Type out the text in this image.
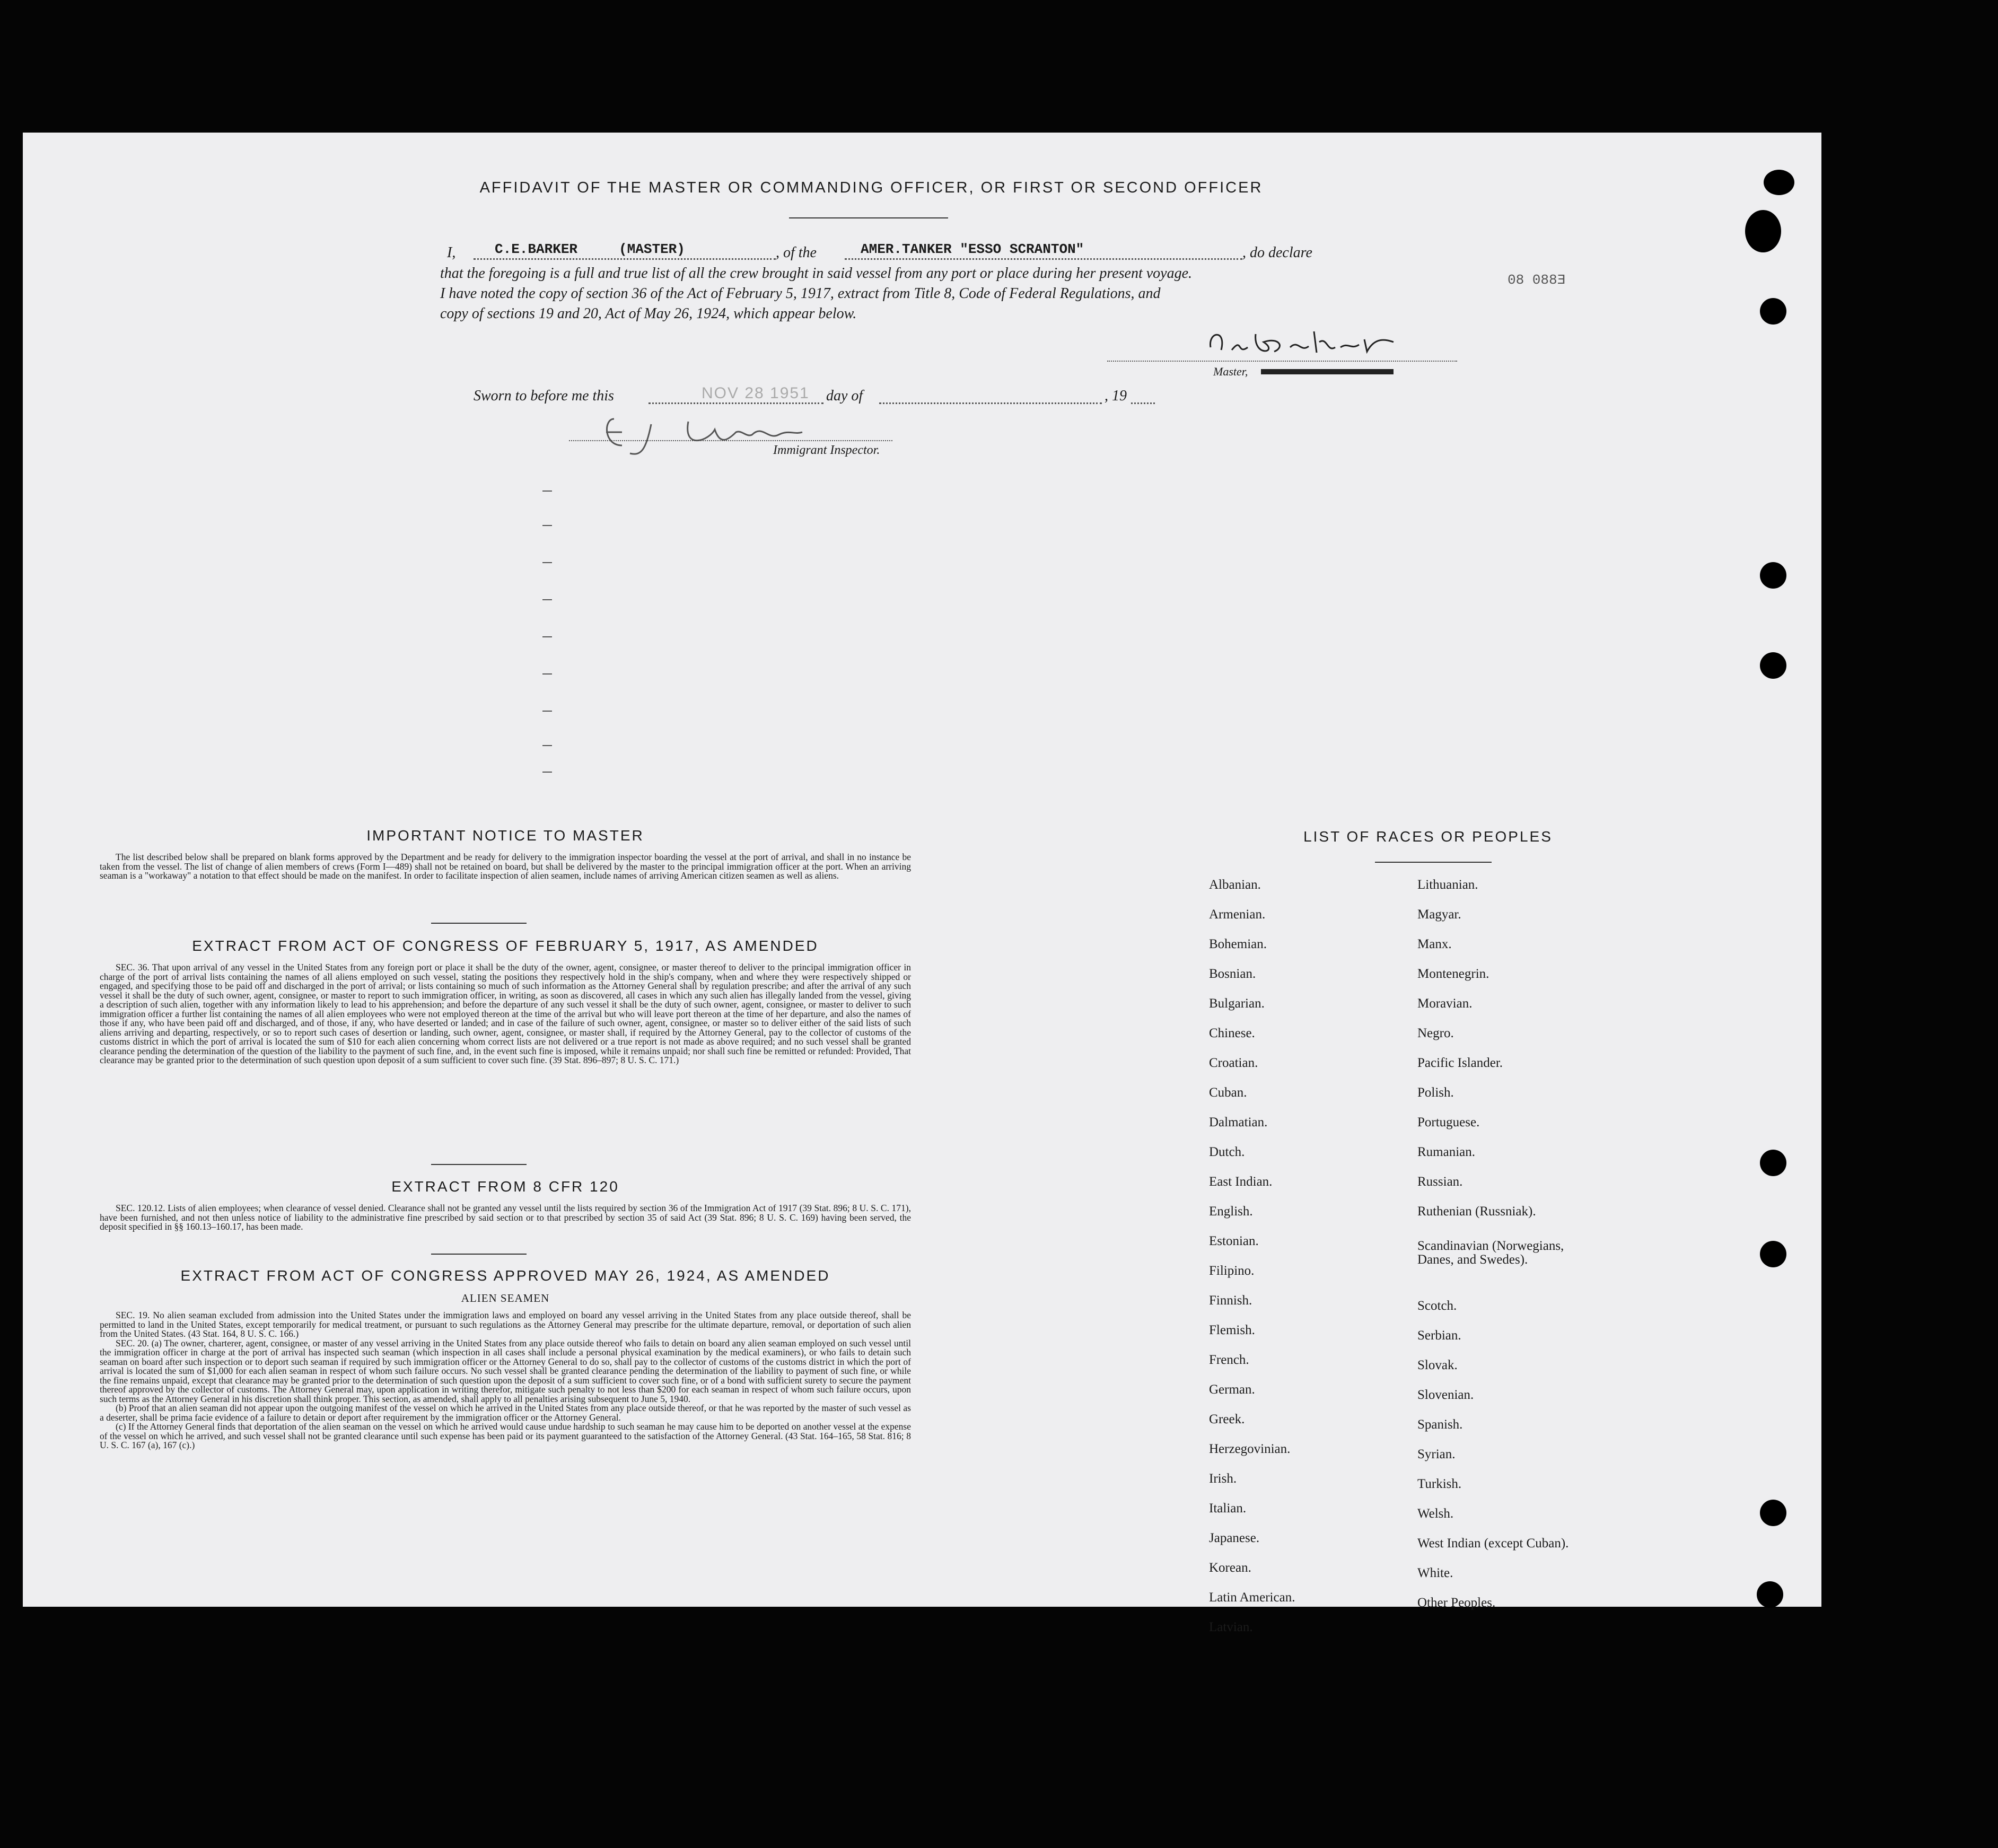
AFFIDAVIT OF THE MASTER OR COMMANDING OFFICER, OR FIRST OR SECOND OFFICER
I,	C.E.BARKER     (MASTER)	, of the	AMER.TANKER "ESSO SCRANTON"	, do declare
that the foregoing is a full and true list of all the crew brought in said vessel from any port or place during her present voyage.
I have noted the copy of section 36 of the Act of February 5, 1917, extract from Title 8, Code of Federal Regulations, and
copy of sections 19 and 20, Act of May 26, 1924, which appear below.
E880 80
Master,
Sworn to before me this	NOV 28 1951 day of	, 19
Immigrant Inspector.
IMPORTANT NOTICE TO MASTER

The list described below shall be prepared on blank forms approved by the Department and be ready for delivery to the immigration inspector boarding the vessel at the port of arrival, and shall in no instance be taken from the vessel. The list of change of alien members of crews (Form I—489) shall not be retained on board, but shall be delivered by the master to the principal immigration officer at the port. When an arriving seaman is a "workaway" a notation to that effect should be made on the manifest. In order to facilitate inspection of alien seamen, include names of arriving American citizen seamen as well as aliens.

EXTRACT FROM ACT OF CONGRESS OF FEBRUARY 5, 1917, AS AMENDED

SEC. 36. That upon arrival of any vessel in the United States from any foreign port or place it shall be the duty of the owner, agent, consignee, or master thereof to deliver to the principal immigration officer in charge of the port of arrival lists containing the names of all aliens employed on such vessel, stating the positions they respectively hold in the ship's company, when and where they were respectively shipped or engaged, and specifying those to be paid off and discharged in the port of arrival; or lists containing so much of such information as the Attorney General shall by regulation prescribe; and after the arrival of any such vessel it shall be the duty of such owner, agent, consignee, or master to report to such immigration officer, in writing, as soon as discovered, all cases in which any such alien has illegally landed from the vessel, giving a description of such alien, together with any information likely to lead to his apprehension; and before the departure of any such vessel it shall be the duty of such owner, agent, consignee, or master to deliver to such immigration officer a further list containing the names of all alien employees who were not employed thereon at the time of the arrival but who will leave port thereon at the time of her departure, and also the names of those if any, who have been paid off and discharged, and of those, if any, who have deserted or landed; and in case of the failure of such owner, agent, consignee, or master so to deliver either of the said lists of such aliens arriving and departing, respectively, or so to report such cases of desertion or landing, such owner, agent, consignee, or master shall, if required by the Attorney General, pay to the collector of customs of the customs district in which the port of arrival is located the sum of $10 for each alien concerning whom correct lists are not delivered or a true report is not made as above required; and no such vessel shall be granted clearance pending the determination of the question of the liability to the payment of such fine, and, in the event such fine is imposed, while it remains unpaid; nor shall such fine be remitted or refunded: Provided, That clearance may be granted prior to the determination of such question upon deposit of a sum sufficient to cover such fine. (39 Stat. 896–897; 8 U. S. C. 171.)

EXTRACT FROM 8 CFR 120

SEC. 120.12. Lists of alien employees; when clearance of vessel denied. Clearance shall not be granted any vessel until the lists required by section 36 of the Immigration Act of 1917 (39 Stat. 896; 8 U. S. C. 171), have been furnished, and not then unless notice of liability to the administrative fine prescribed by said section or to that prescribed by section 35 of said Act (39 Stat. 896; 8 U. S. C. 169) having been served, the deposit specified in §§ 160.13–160.17, has been made.

EXTRACT FROM ACT OF CONGRESS APPROVED MAY 26, 1924, AS AMENDED
ALIEN SEAMEN

SEC. 19. No alien seaman excluded from admission into the United States under the immigration laws and employed on board any vessel arriving in the United States from any place outside thereof, shall be permitted to land in the United States, except temporarily for medical treatment, or pursuant to such regulations as the Attorney General may prescribe for the ultimate departure, removal, or deportation of such alien from the United States. (43 Stat. 164, 8 U. S. C. 166.)

SEC. 20. (a) The owner, charterer, agent, consignee, or master of any vessel arriving in the United States from any place outside thereof who fails to detain on board any alien seaman employed on such vessel until the immigration officer in charge at the port of arrival has inspected such seaman (which inspection in all cases shall include a personal physical examination by the medical examiners), or who fails to detain such seaman on board after such inspection or to deport such seaman if required by such immigration officer or the Attorney General to do so, shall pay to the collector of customs of the customs district in which the port of arrival is located the sum of $1,000 for each alien seaman in respect of whom such failure occurs. No such vessel shall be granted clearance pending the determination of the liability to payment of such fine, or while the fine remains unpaid, except that clearance may be granted prior to the determination of such question upon the deposit of a sum sufficient to cover such fine, or of a bond with sufficient surety to secure the payment thereof approved by the collector of customs. The Attorney General may, upon application in writing therefor, mitigate such penalty to not less than $200 for each seaman in respect of whom such failure occurs, upon such terms as the Attorney General in his discretion shall think proper. This section, as amended, shall apply to all penalties arising subsequent to June 5, 1940.

(b) Proof that an alien seaman did not appear upon the outgoing manifest of the vessel on which he arrived in the United States from any place outside thereof, or that he was reported by the master of such vessel as a deserter, shall be prima facie evidence of a failure to detain or deport after requirement by the immigration officer or the Attorney General.

(c) If the Attorney General finds that deportation of the alien seaman on the vessel on which he arrived would cause undue hardship to such seaman he may cause him to be deported on another vessel at the expense of the vessel on which he arrived, and such vessel shall not be granted clearance until such expense has been paid or its payment guaranteed to the satisfaction of the Attorney General. (43 Stat. 164–165, 58 Stat. 816; 8 U. S. C. 167 (a), 167 (c).)

LIST OF RACES OR PEOPLES
Albanian.
Armenian.
Bohemian.
Bosnian.
Bulgarian.
Chinese.
Croatian.
Cuban.
Dalmatian.
Dutch.
East Indian.
English.
Estonian.
Filipino.
Finnish.
Flemish.
French.
German.
Greek.
Herzegovinian.
Irish.
Italian.
Japanese.
Korean.
Latin American.
Latvian.
Lithuanian.
Magyar.
Manx.
Montenegrin.
Moravian.
Negro.
Pacific Islander.
Polish.
Portuguese.
Rumanian.
Russian.
Ruthenian (Russniak).
Scandinavian (Norwegians, Danes, and Swedes).
Scotch.
Serbian.
Slovak.
Slovenian.
Spanish.
Syrian.
Turkish.
Welsh.
West Indian (except Cuban).
White.
Other Peoples.
